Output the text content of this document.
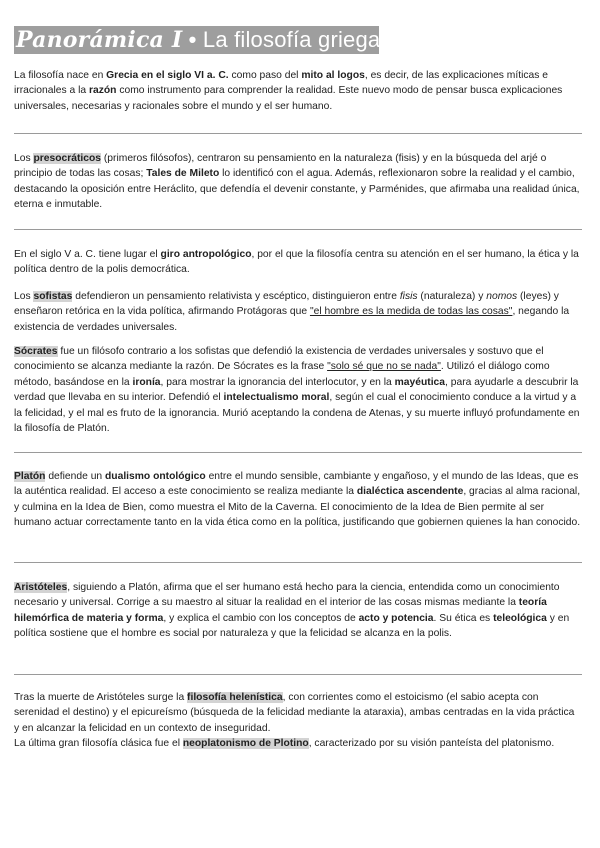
Panorámica I • La filosofía griega

La filosofía nace en Grecia en el siglo VI a. C. como paso del mito al logos, es decir, de las explicaciones míticas e irracionales a la razón como instrumento para comprender la realidad. Este nuevo modo de pensar busca explicaciones universales, necesarias y racionales sobre el mundo y el ser humano.

Los presocráticos (primeros filósofos), centraron su pensamiento en la naturaleza (fisis) y en la búsqueda del arjé o principio de todas las cosas; Tales de Mileto lo identificó con el agua. Además, reflexionaron sobre la realidad y el cambio, destacando la oposición entre Heráclito, que defendía el devenir constante, y Parménides, que afirmaba una realidad única, eterna e inmutable.

En el siglo V a. C. tiene lugar el giro antropológico, por el que la filosofía centra su atención en el ser humano, la ética y la política dentro de la polis democrática.

Los sofistas defendieron un pensamiento relativista y escéptico, distinguieron entre fisis (naturaleza) y nomos (leyes) y enseñaron retórica en la vida política, afirmando Protágoras que "el hombre es la medida de todas las cosas", negando la existencia de verdades universales.

Sócrates fue un filósofo contrario a los sofistas que defendió la existencia de verdades universales y sostuvo que el conocimiento se alcanza mediante la razón. De Sócrates es la frase "solo sé que no se nada". Utilizó el diálogo como método, basándose en la ironía, para mostrar la ignorancia del interlocutor, y en la mayéutica, para ayudarle a descubrir la verdad que llevaba en su interior. Defendió el intelectualismo moral, según el cual el conocimiento conduce a la virtud y a la felicidad, y el mal es fruto de la ignorancia. Murió aceptando la condena de Atenas, y su muerte influyó profundamente en la filosofía de Platón.

Platón defiende un dualismo ontológico entre el mundo sensible, cambiante y engañoso, y el mundo de las Ideas, que es la auténtica realidad. El acceso a este conocimiento se realiza mediante la dialéctica ascendente, gracias al alma racional, y culmina en la Idea de Bien, como muestra el Mito de la Caverna. El conocimiento de la Idea de Bien permite al ser humano actuar correctamente tanto en la vida ética como en la política, justificando que gobiernen quienes la han conocido.

Aristóteles, siguiendo a Platón, afirma que el ser humano está hecho para la ciencia, entendida como un conocimiento necesario y universal. Corrige a su maestro al situar la realidad en el interior de las cosas mismas mediante la teoría hilemórfica de materia y forma, y explica el cambio con los conceptos de acto y potencia. Su ética es teleológica y en política sostiene que el hombre es social por naturaleza y que la felicidad se alcanza en la polis.

Tras la muerte de Aristóteles surge la filosofía helenística, con corrientes como el estoicismo (el sabio acepta con serenidad el destino) y el epicureísmo (búsqueda de la felicidad mediante la ataraxia), ambas centradas en la vida práctica y en alcanzar la felicidad en un contexto de inseguridad.

La última gran filosofía clásica fue el neoplatonismo de Plotino, caracterizado por su visión panteísta del platonismo.
